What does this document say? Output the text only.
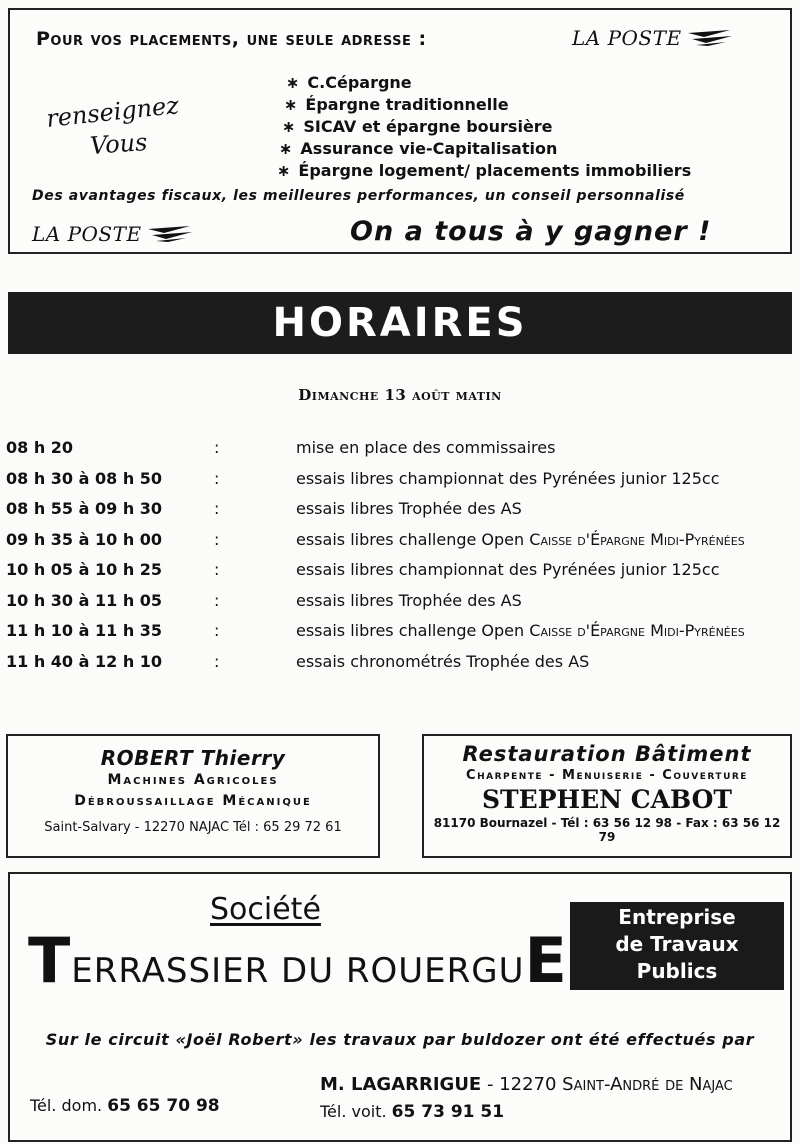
Pour vos placements, une seule adresse :	LA POSTE
renseignez
Vous
∗ C.Cépargne
∗ Épargne traditionnelle
∗ SICAV et épargne boursière
∗ Assurance vie-Capitalisation
∗ Épargne logement/ placements immobiliers
Des avantages fiscaux, les meilleures performances, un conseil personnalisé
LA POSTE	On a tous à y gagner !
HORAIRES
Dimanche 13 août matin
08 h 20	:	mise en place des commissaires
08 h 30 à 08 h 50	:	essais libres championnat des Pyrénées junior 125cc
08 h 55 à 09 h 30	:	essais libres Trophée des AS
09 h 35 à 10 h 00	:	essais libres challenge Open Caisse d'Épargne Midi-Pyrénées
10 h 05 à 10 h 25	:	essais libres championnat des Pyrénées junior 125cc
10 h 30 à 11 h 05	:	essais libres Trophée des AS
11 h 10 à 11 h 35	:	essais libres challenge Open Caisse d'Épargne Midi-Pyrénées
11 h 40 à 12 h 10	:	essais chronométrés Trophée des AS
ROBERT Thierry
Machines Agricoles
Débroussaillage Mécanique
Saint-Salvary - 12270 NAJAC Tél : 65 29 72 61
Restauration Bâtiment
Charpente - Menuiserie - Couverture
STEPHEN CABOT
81170 Bournazel - Tél : 63 56 12 98 - Fax : 63 56 12 79
Société
TERRASSIER DU ROUERGUE
Entreprise
de Travaux
Publics
Sur le circuit «Joël Robert» les travaux par buldozer ont été effectués par
M. LAGARRIGUE - 12270 Saint-André de Najac
Tél. dom. 65 65 70 98	Tél. voit. 65 73 91 51
